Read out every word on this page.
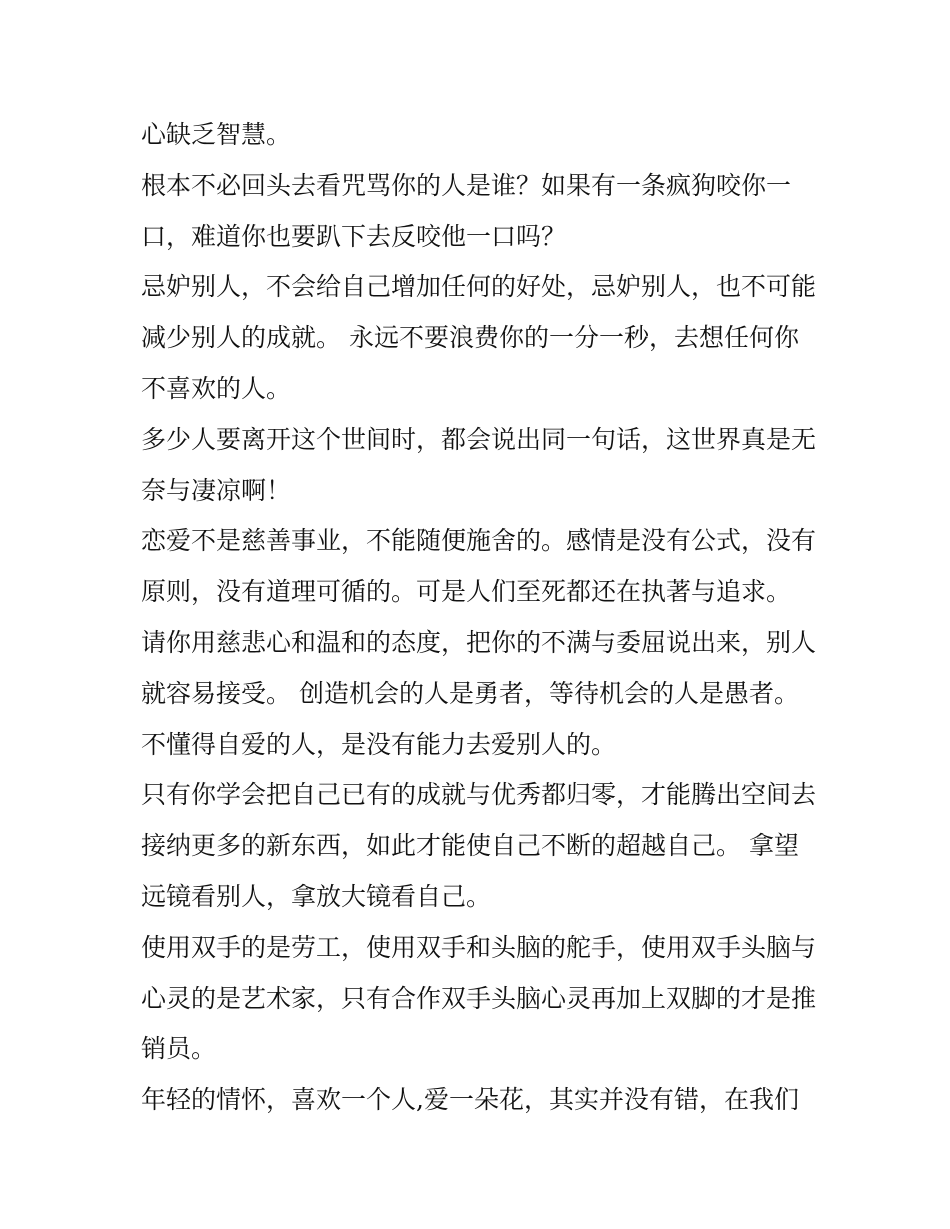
心缺乏智慧。
根本不必回头去看咒骂你的人是谁？如果有一条疯狗咬你一
口，难道你也要趴下去反咬他一口吗？
忌妒别人，不会给自己增加任何的好处，忌妒别人，也不可能
减少别人的成就。 永远不要浪费你的一分一秒，去想任何你
不喜欢的人。
多少人要离开这个世间时，都会说出同一句话，这世界真是无
奈与凄凉啊！
恋爱不是慈善事业，不能随便施舍的。感情是没有公式，没有
原则，没有道理可循的。可是人们至死都还在执著与追求。
请你用慈悲心和温和的态度，把你的不满与委屈说出来，别人
就容易接受。 创造机会的人是勇者，等待机会的人是愚者。
不懂得自爱的人，是没有能力去爱别人的。
只有你学会把自己已有的成就与优秀都归零，才能腾出空间去
接纳更多的新东西，如此才能使自己不断的超越自己。 拿望
远镜看别人，拿放大镜看自己。
使用双手的是劳工，使用双手和头脑的舵手，使用双手头脑与
心灵的是艺术家，只有合作双手头脑心灵再加上双脚的才是推
销员。
年轻的情怀，喜欢一个人,爱一朵花，其实并没有错，在我们
